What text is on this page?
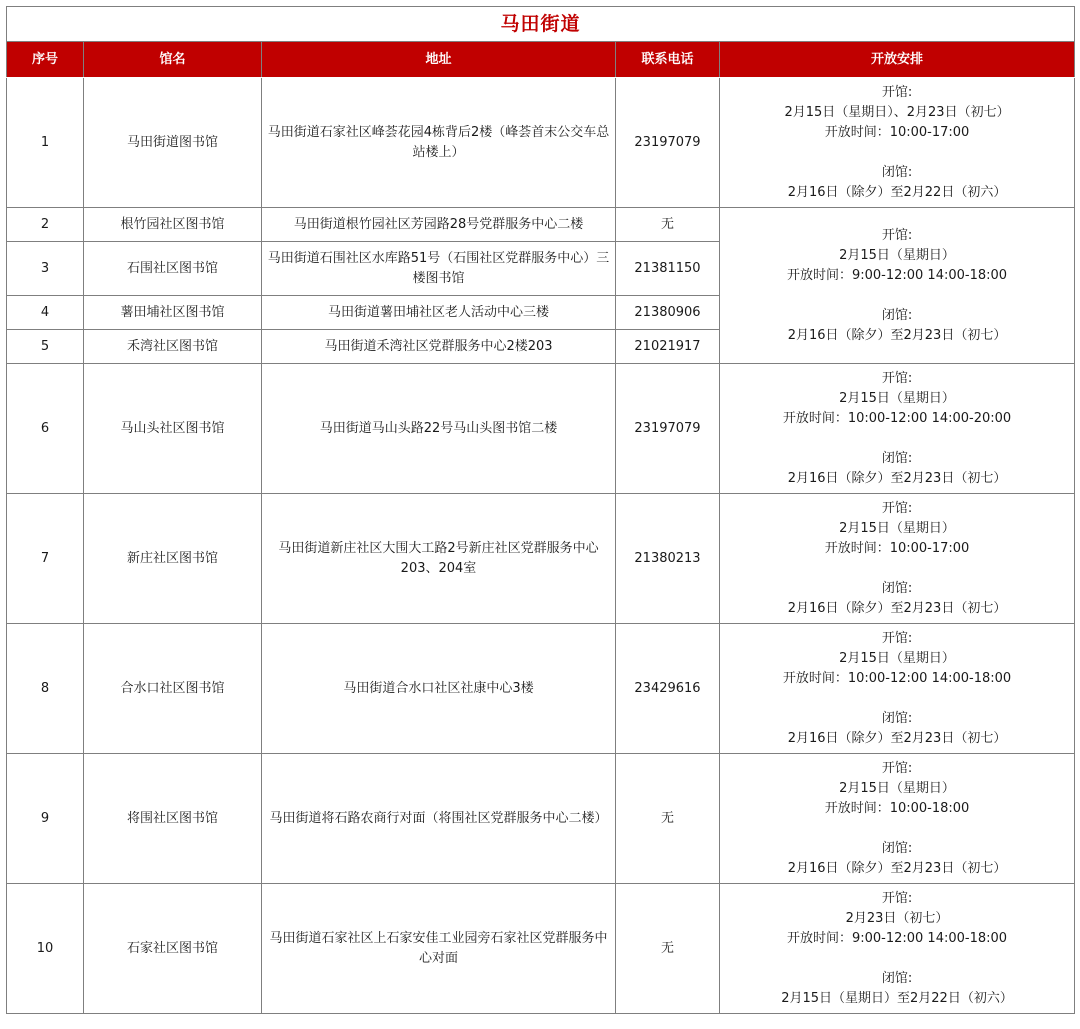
马田街道				
序号	馆名	地址	联系电话	开放安排
1	马田街道图书馆	马田街道石家社区峰荟花园4栋背后2楼（峰荟首末公交车总站楼上）	23197079	开馆:
2月15日（星期日）、2月23日（初七）
开放时间：10:00-17:00
闭馆:
2月16日（除夕）至2月22日（初六）

2	根竹园社区图书馆	马田街道根竹园社区芳园路28号党群服务中心二楼	无	开馆:
2月15日（星期日）
开放时间：9:00-12:00 14:00-18:00
闭馆:
2月16日（除夕）至2月23日（初七）

3	石围社区图书馆	马田街道石围社区水库路51号（石围社区党群服务中心）三楼图书馆	21381150	
4	薯田埔社区图书馆	马田街道薯田埔社区老人活动中心三楼	21380906	
5	禾湾社区图书馆	马田街道禾湾社区党群服务中心2楼203	21021917	
6	马山头社区图书馆	马田街道马山头路22号马山头图书馆二楼	23197079	开馆:
2月15日（星期日）
开放时间：10:00-12:00 14:00-20:00
闭馆:
2月16日（除夕）至2月23日（初七）

7	新庄社区图书馆	马田街道新庄社区大围大工路2号新庄社区党群服务中心203、204室	21380213	开馆:
2月15日（星期日）
开放时间：10:00-17:00
闭馆:
2月16日（除夕）至2月23日（初七）

8	合水口社区图书馆	马田街道合水口社区社康中心3楼	23429616	开馆:
2月15日（星期日）
开放时间：10:00-12:00 14:00-18:00
闭馆:
2月16日（除夕）至2月23日（初七）

9	将围社区图书馆	马田街道将石路农商行对面（将围社区党群服务中心二楼）	无	开馆:
2月15日（星期日）
开放时间：10:00-18:00
闭馆:
2月16日（除夕）至2月23日（初七）

10	石家社区图书馆	马田街道石家社区上石家安佳工业园旁石家社区党群服务中心对面	无	开馆:
2月23日（初七）
开放时间：9:00-12:00 14:00-18:00
闭馆:
2月15日（星期日）至2月22日（初六）
